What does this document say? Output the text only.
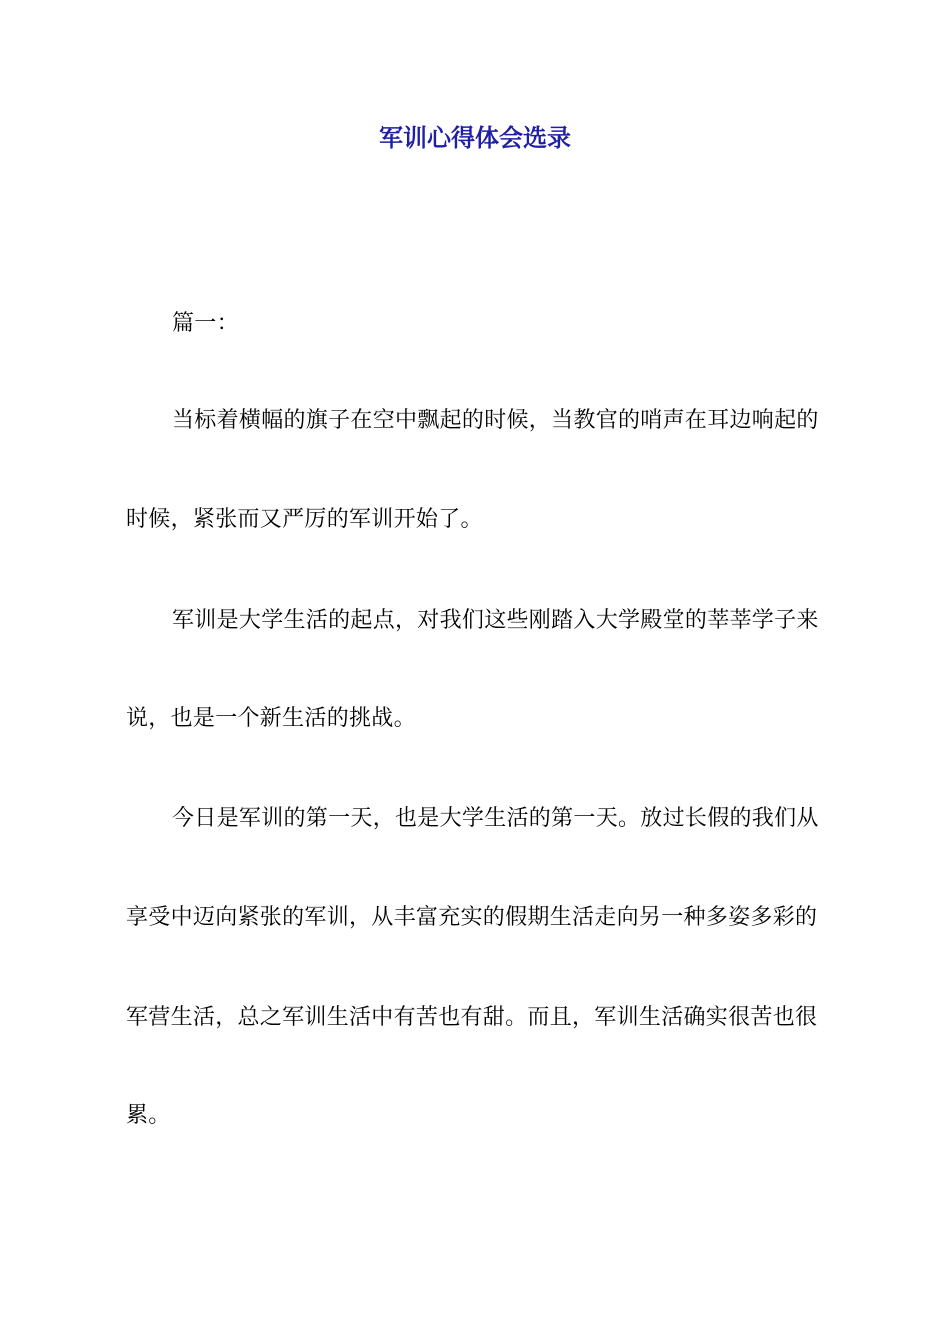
军训心得体会选录
篇一：
当标着横幅的旗子在空中飘起的时候，当教官的哨声在耳边响起的
时候，紧张而又严厉的军训开始了。
军训是大学生活的起点，对我们这些刚踏入大学殿堂的莘莘学子来
说，也是一个新生活的挑战。
今日是军训的第一天，也是大学生活的第一天。放过长假的我们从
享受中迈向紧张的军训，从丰富充实的假期生活走向另一种多姿多彩的
军营生活，总之军训生活中有苦也有甜。而且，军训生活确实很苦也很
累。
